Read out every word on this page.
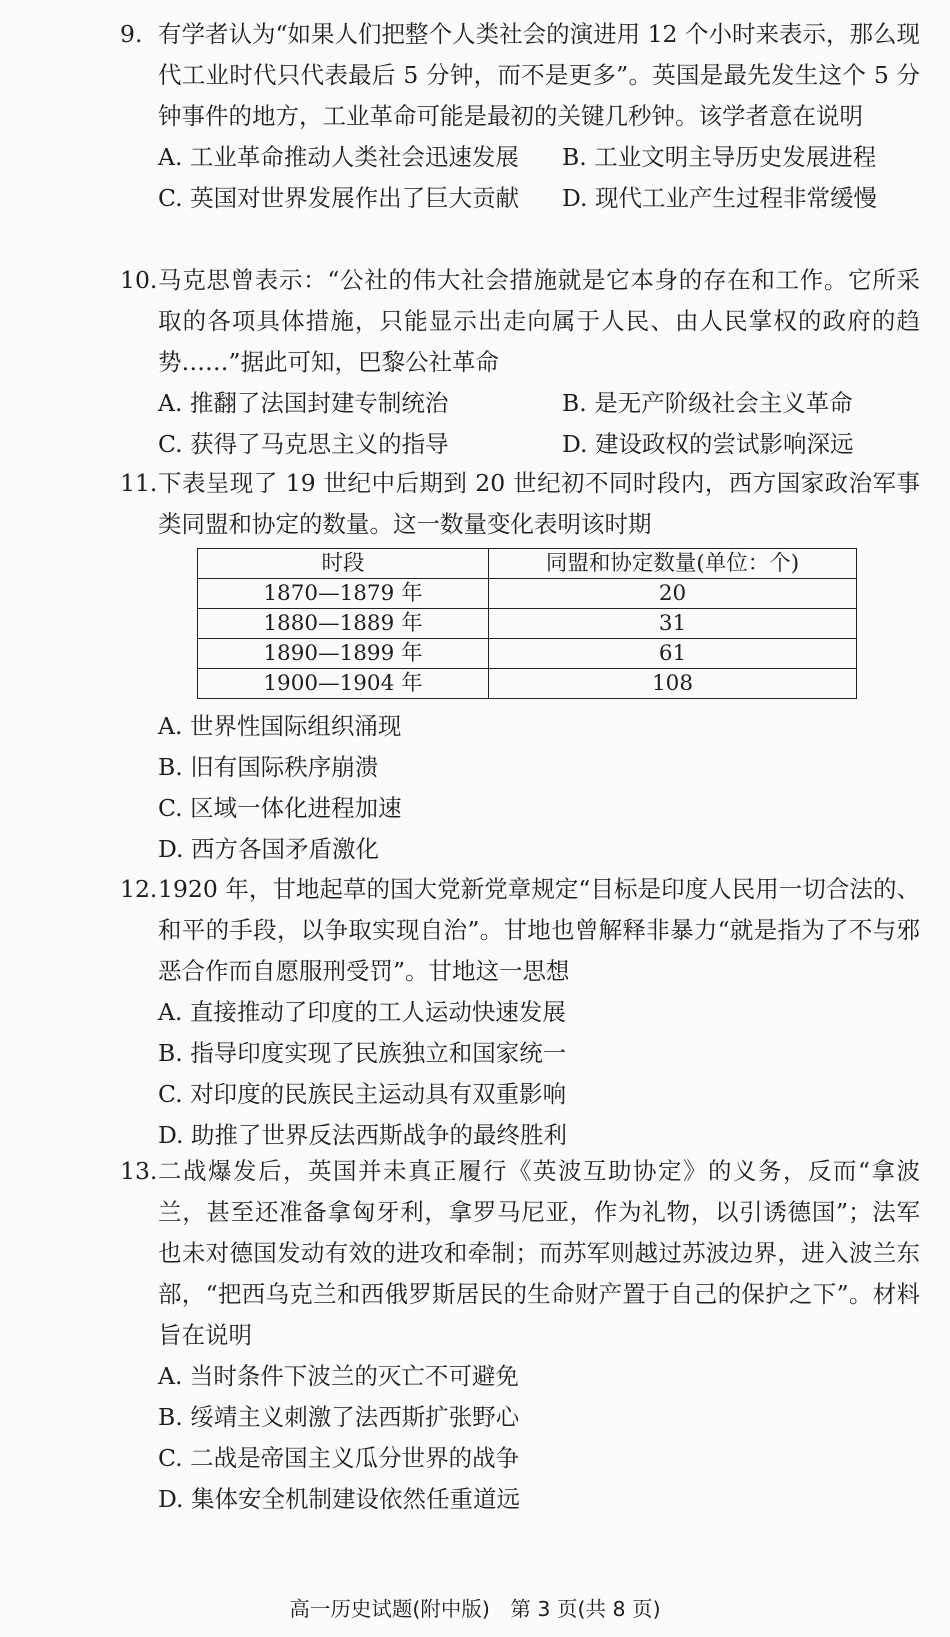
9. 有学者认为“如果人们把整个人类社会的演进用 12 个小时来表示，那么现代工业时代只代表最后 5 分钟，而不是更多”。英国是最先发生这个 5 分钟事件的地方，工业革命可能是最初的关键几秒钟。该学者意在说明
A. 工业革命推动人类社会迅速发展 B. 工业文明主导历史发展进程
C. 英国对世界发展作出了巨大贡献 D. 现代工业产生过程非常缓慢
10. 马克思曾表示：“公社的伟大社会措施就是它本身的存在和工作。它所采取的各项具体措施，只能显示出走向属于人民、由人民掌权的政府的趋势……”据此可知，巴黎公社革命
A. 推翻了法国封建专制统治	B. 是无产阶级社会主义革命
C. 获得了马克思主义的指导	D. 建设政权的尝试影响深远
11. 下表呈现了 19 世纪中后期到 20 世纪初不同时段内，西方国家政治军事类同盟和协定的数量。这一数量变化表明该时期
时段	同盟和协定数量(单位：个)
1870—1879 年	20
1880—1889 年	31
1890—1899 年	61
1900—1904 年	108
A. 世界性国际组织涌现
B. 旧有国际秩序崩溃
C. 区域一体化进程加速
D. 西方各国矛盾激化
12. 1920 年，甘地起草的国大党新党章规定“目标是印度人民用一切合法的、和平的手段，以争取实现自治”。甘地也曾解释非暴力“就是指为了不与邪恶合作而自愿服刑受罚”。甘地这一思想
A. 直接推动了印度的工人运动快速发展
B. 指导印度实现了民族独立和国家统一
C. 对印度的民族民主运动具有双重影响
D. 助推了世界反法西斯战争的最终胜利
13. 二战爆发后，英国并未真正履行《英波互助协定》的义务，反而“拿波兰，甚至还准备拿匈牙利，拿罗马尼亚，作为礼物，以引诱德国”；法军也未对德国发动有效的进攻和牵制；而苏军则越过苏波边界，进入波兰东部，“把西乌克兰和西俄罗斯居民的生命财产置于自己的保护之下”。材料旨在说明
A. 当时条件下波兰的灭亡不可避免
B. 绥靖主义刺激了法西斯扩张野心
C. 二战是帝国主义瓜分世界的战争
D. 集体安全机制建设依然任重道远
高一历史试题(附中版)　第 3 页(共 8 页)
